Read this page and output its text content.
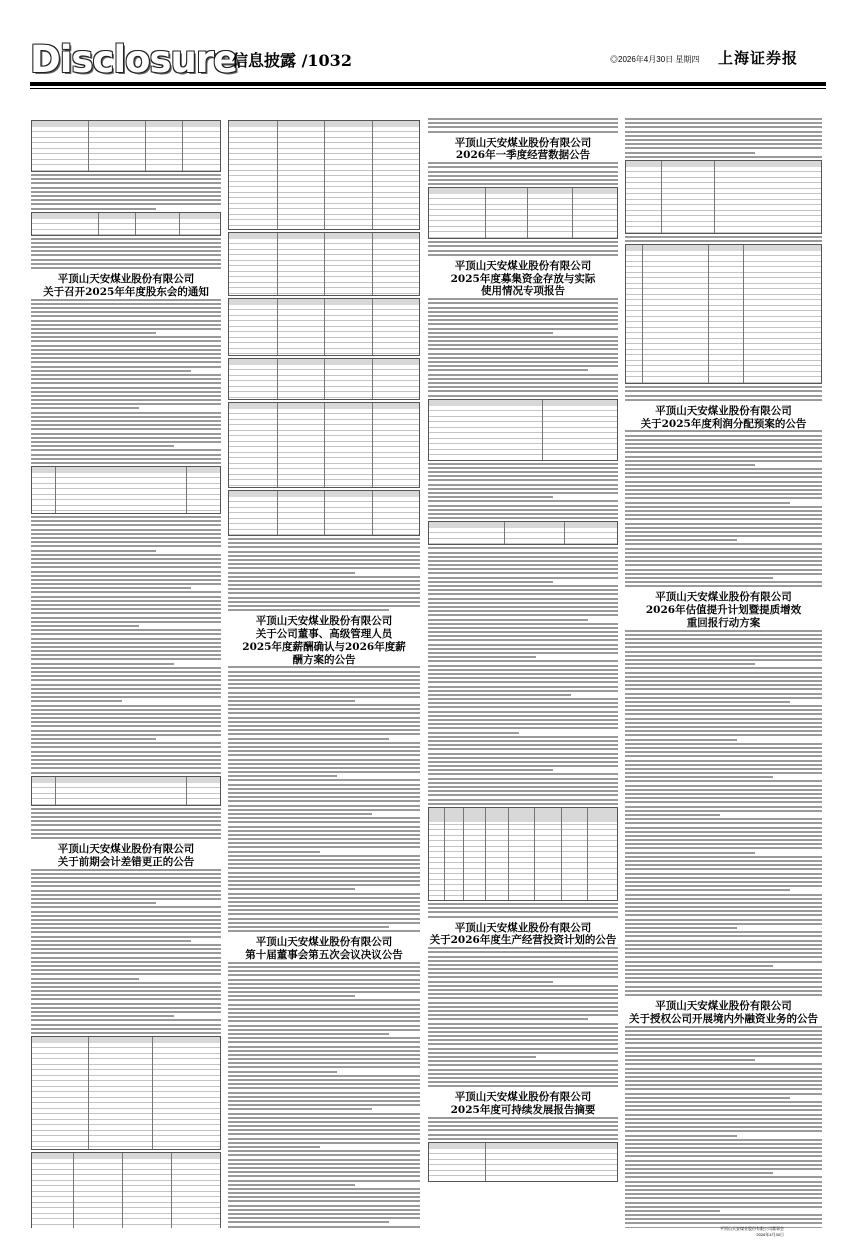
Disclosure
信息披露 /1032	◎2026年4月30日 星期四 上海证券报

平顶山天安煤业股份有限公司

关于召开2025年年度股东会的通知

平顶山天安煤业股份有限公司

关于前期会计差错更正的公告

平顶山天安煤业股份有限公司

关于公司董事、高级管理人员2025年度薪酬确认与2026年度薪酬方案的公告

平顶山天安煤业股份有限公司

第十届董事会第五次会议决议公告

平顶山天安煤业股份有限公司

2026年一季度经营数据公告

平顶山天安煤业股份有限公司

2025年度募集资金存放与实际使用情况专项报告

平顶山天安煤业股份有限公司

关于2026年度生产经营投资计划的公告

平顶山天安煤业股份有限公司

2025年度可持续发展报告摘要

平顶山天安煤业股份有限公司

关于2025年度利润分配预案的公告

平顶山天安煤业股份有限公司

2026年估值提升计划暨提质增效重回报行动方案

平顶山天安煤业股份有限公司

关于授权公司开展境内外融资业务的公告

平顶山天安煤业股份有限公司董事会
2026年4月30日
